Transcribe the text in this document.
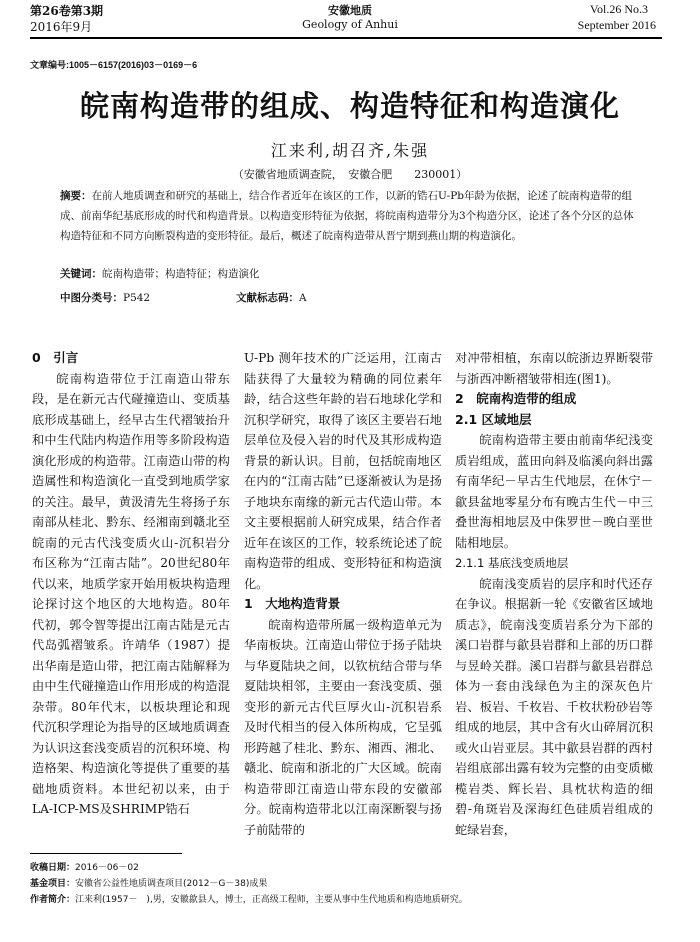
第26卷第3期
2016年9月
安徽地质
Geology of Anhui
Vol.26 No.3
September 2016
文章编号:1005－6157(2016)03－0169－6
皖南构造带的组成、构造特征和构造演化
江来利,胡召齐,朱强
（安徽省地质调查院，　安徽合肥　　230001）
摘要：在前人地质调查和研究的基础上，结合作者近年在该区的工作，以新的锆石U-Pb年龄为依据，论述了皖南构造带的组成、前南华纪基底形成的时代和构造背景。以构造变形特征为依据，将皖南构造带分为3个构造分区，论述了各个分区的总体构造特征和不同方向断裂构造的变形特征。最后，概述了皖南构造带从晋宁期到燕山期的构造演化。
关键词：皖南构造带；构造特征；构造演化
中图分类号：P542	文献标志码：A
0　引言

皖南构造带位于江南造山带东段，是在新元古代碰撞造山、变质基底形成基础上，经早古生代褶皱抬升和中生代陆内构造作用等多阶段构造演化形成的构造带。江南造山带的构造属性和构造演化一直受到地质学家的关注。最早，黄汲清先生将扬子东南部从桂北、黔东、经湘南到赣北至皖南的元古代浅变质火山-沉积岩分布区称为“江南古陆”。20世纪80年代以来，地质学家开始用板块构造理论探讨这个地区的大地构造。80年代初，郭令智等提出江南古陆是元古代岛弧褶皱系。许靖华（1987）提出华南是造山带，把江南古陆解释为由中生代碰撞造山作用形成的构造混杂带。80年代末，以板块理论和现代沉积学理论为指导的区域地质调查为认识这套浅变质岩的沉积环境、构造格架、构造演化等提供了重要的基础地质资料。本世纪初以来，由于LA-ICP-MS及SHRIMP锆石

U-Pb 测年技术的广泛运用，江南古陆获得了大量较为精确的同位素年龄，结合这些年龄的岩石地球化学和沉积学研究，取得了该区主要岩石地层单位及侵入岩的时代及其形成构造背景的新认识。目前，包括皖南地区在内的“江南古陆”已逐渐被认为是扬子地块东南缘的新元古代造山带。本文主要根据前人研究成果，结合作者近年在该区的工作，较系统论述了皖南构造带的组成、变形特征和构造演化。

1　大地构造背景

皖南构造带所属一级构造单元为华南板块。江南造山带位于扬子陆块与华夏陆块之间，以钦杭结合带与华夏陆块相邻，主要由一套浅变质、强变形的新元古代巨厚火山-沉积岩系及时代相当的侵入体所构成，它呈弧形跨越了桂北、黔东、湘西、湘北、赣北、皖南和浙北的广大区域。皖南构造带即江南造山带东段的安徽部分。皖南构造带北以江南深断裂与扬子前陆带的

对冲带相植，东南以皖浙边界断裂带与浙西冲断褶皱带相连(图1)。

2　皖南构造带的组成
2.1 区域地层

皖南构造带主要由前南华纪浅变质岩组成，蓝田向斜及临溪向斜出露有南华纪－早古生代地层，在休宁－歙县盆地零星分布有晚古生代－中三叠世海相地层及中侏罗世－晚白垩世陆相地层。

2.1.1 基底浅变质地层

皖南浅变质岩的层序和时代还存在争议。根据新一轮《安徽省区域地质志》，皖南浅变质岩系分为下部的溪口岩群与歙县岩群和上部的历口群与昱岭关群。溪口岩群与歙县岩群总体为一套由浅绿色为主的深灰色片岩、板岩、千枚岩、千枚状粉砂岩等组成的地层，其中含有火山碎屑沉积或火山岩亚层。其中歙县岩群的西村岩组底部出露有较为完整的由变质橄榄岩类、辉长岩、具枕状构造的细碧-角斑岩及深海红色硅质岩组成的蛇绿岩套，

收稿日期：2016－06－02
基金项目：安徽省公益性地质调查项目(2012－G－38)成果
作者简介：江来利(1957－　),男，安徽歙县人，博士，正高级工程师，主要从事中生代地质和构造地质研究。
